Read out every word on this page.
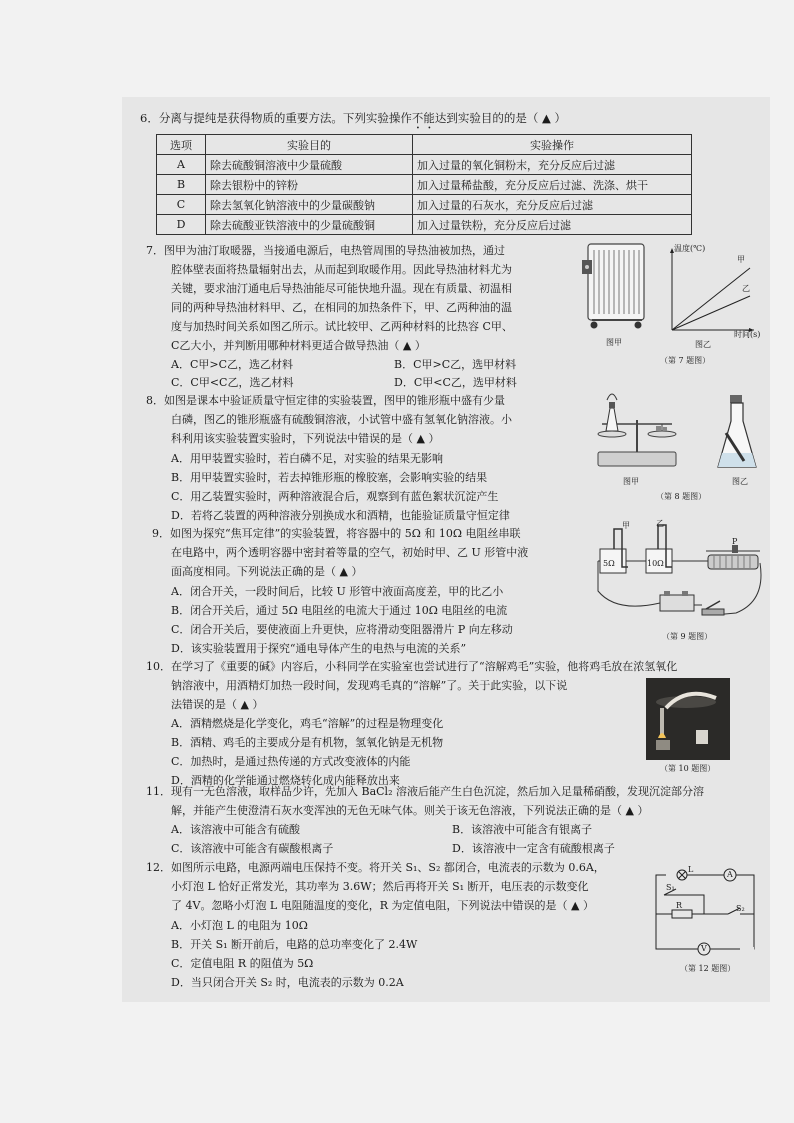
6．分离与提纯是获得物质的重要方法。下列实验操作不能达到实验目的的是（ ▲ ）
选项	实验目的	实验操作
A	除去硫酸铜溶液中少量硫酸	加入过量的氧化铜粉末，充分反应后过滤
B	除去银粉中的锌粉	加入过量稀盐酸，充分反应后过滤、洗涤、烘干
C	除去氢氧化钠溶液中的少量碳酸钠	加入过量的石灰水，充分反应后过滤
D	除去硫酸亚铁溶液中的少量硫酸铜	加入过量铁粉，充分反应后过滤
7．图甲为油汀取暖器，当接通电源后，电热管周围的导热油被加热，通过
腔体壁表面将热量辐射出去，从而起到取暖作用。因此导热油材料尤为
关键，要求油汀通电后导热油能尽可能快地升温。现在有质量、初温相
同的两种导热油材料甲、乙，在相同的加热条件下，甲、乙两种油的温
度与加热时间关系如图乙所示。试比较甲、乙两种材料的比热容 C甲、
C乙大小，并判断用哪种材料更适合做导热油（ ▲ ）
A．C甲>C乙，选乙材料	B．C甲>C乙，选甲材料
C．C甲<C乙，选乙材料	D．C甲<C乙，选甲材料
图甲
温度(℃)
时间(s)
甲
乙
图乙
（第 7 题图）
8．如图是课本中验证质量守恒定律的实验装置，图甲的锥形瓶中盛有少量
白磷，图乙的锥形瓶盛有硫酸铜溶液，小试管中盛有氢氧化钠溶液。小
科利用该实验装置实验时，下列说法中错误的是（ ▲ ）
A．用甲装置实验时，若白磷不足，对实验的结果无影响
B．用甲装置实验时，若去掉锥形瓶的橡胶塞，会影响实验的结果
C．用乙装置实验时，两种溶液混合后，观察到有蓝色絮状沉淀产生
D．若将乙装置的两种溶液分别换成水和酒精，也能验证质量守恒定律
图甲	图乙
（第 8 题图）
9．如图为探究“焦耳定律”的实验装置，将容器中的 5Ω 和 10Ω 电阻丝串联
在电路中，两个透明容器中密封着等量的空气，初始时甲、乙 U 形管中液
面高度相同。下列说法正确的是（ ▲ ）
A．闭合开关，一段时间后，比较 U 形管中液面高度差，甲的比乙小
B．闭合开关后，通过 5Ω 电阻丝的电流大于通过 10Ω 电阻丝的电流
C．闭合开关后，要使液面上升更快，应将滑动变阻器滑片 P 向左移动
D．该实验装置用于探究“通电导体产生的电热与电流的关系”
甲	乙
5Ω	10Ω
P
（第 9 题图）
10．在学习了《重要的碱》内容后，小科同学在实验室也尝试进行了“溶解鸡毛”实验，他将鸡毛放在浓氢氧化
钠溶液中，用酒精灯加热一段时间，发现鸡毛真的“溶解”了。关于此实验，以下说
法错误的是（ ▲ ）
A．酒精燃烧是化学变化，鸡毛“溶解”的过程是物理变化
B．酒精、鸡毛的主要成分是有机物，氢氧化钠是无机物
C．加热时，是通过热传递的方式改变液体的内能
D．酒精的化学能通过燃烧转化成内能释放出来
（第 10 题图）
11．现有一无色溶液，取样品少许，先加入 BaCl₂ 溶液后能产生白色沉淀，然后加入足量稀硝酸，发现沉淀部分溶
解，并能产生使澄清石灰水变浑浊的无色无味气体。则关于该无色溶液，下列说法正确的是（ ▲ ）
A．该溶液中可能含有硫酸	B．该溶液中可能含有银离子
C．该溶液中可能含有碳酸根离子	D．该溶液中一定含有硫酸根离子
12．如图所示电路，电源两端电压保持不变。将开关 S₁、S₂ 都闭合，电流表的示数为 0.6A，
小灯泡 L 恰好正常发光，其功率为 3.6W；然后再将开关 S₁ 断开，电压表的示数变化
了 4V。忽略小灯泡 L 电阻随温度的变化，R 为定值电阻，下列说法中错误的是（ ▲ ）
A．小灯泡 L 的电阻为 10Ω
B．开关 S₁ 断开前后，电路的总功率变化了 2.4W
C．定值电阻 R 的阻值为 5Ω
D．当只闭合开关 S₂ 时，电流表的示数为 0.2A
L
A
S₁
R	S₂
V
（第 12 题图）
